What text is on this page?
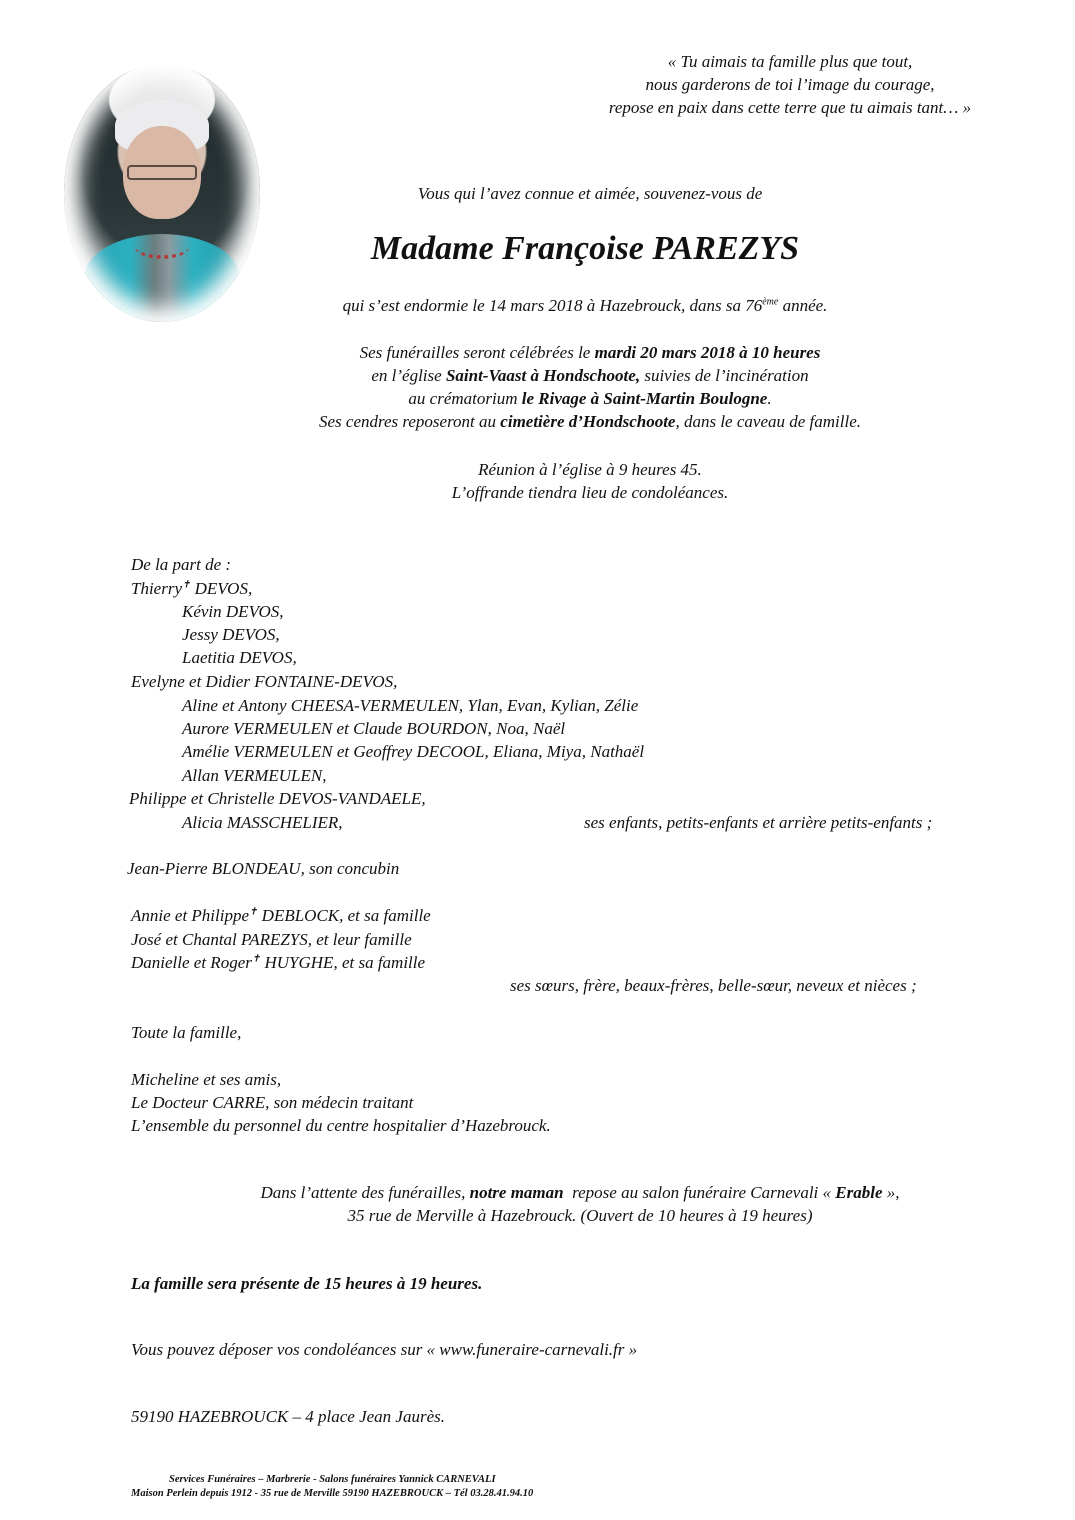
« Tu aimais ta famille plus que tout,
nous garderons de toi l’image du courage,
repose en paix dans cette terre que tu aimais tant… »
Vous qui l’avez connue et aimée, souvenez-vous de
Madame Françoise PAREZYS
qui s’est endormie le 14 mars 2018 à Hazebrouck, dans sa 76ème année.
Ses funérailles seront célébrées le mardi 20 mars 2018 à 10 heures
en l’église Saint-Vaast à Hondschoote, suivies de l’incinération
au crématorium le Rivage à Saint-Martin Boulogne.
Ses cendres reposeront au cimetière d’Hondschoote, dans le caveau de famille.
Réunion à l’église à 9 heures 45.
L’offrande tiendra lieu de condoléances.
De la part de :
Thierry✝ DEVOS,
Kévin DEVOS,
Jessy DEVOS,
Laetitia DEVOS,
Evelyne et Didier FONTAINE-DEVOS,
Aline et Antony CHEESA-VERMEULEN, Ylan, Evan, Kylian, Zélie
Aurore VERMEULEN et Claude BOURDON, Noa, Naël
Amélie VERMEULEN et Geoffrey DECOOL, Eliana, Miya, Nathaël
Allan VERMEULEN,
Philippe et Christelle DEVOS-VANDAELE,
Alicia MASSCHELIER,	ses enfants, petits-enfants et arrière petits-enfants ;
Jean-Pierre BLONDEAU, son concubin
Annie et Philippe✝ DEBLOCK, et sa famille
José et Chantal PAREZYS, et leur famille
Danielle et Roger✝ HUYGHE, et sa famille
ses sœurs, frère, beaux-frères, belle-sœur, neveux et nièces ;
Toute la famille,
Micheline et ses amis,
Le Docteur CARRE, son médecin traitant
L’ensemble du personnel du centre hospitalier d’Hazebrouck.
Dans l’attente des funérailles, notre maman  repose au salon funéraire Carnevali « Erable »,
35 rue de Merville à Hazebrouck. (Ouvert de 10 heures à 19 heures)
La famille sera présente de 15 heures à 19 heures.
Vous pouvez déposer vos condoléances sur « www.funeraire-carnevali.fr »
59190 HAZEBROUCK – 4 place Jean Jaurès.
Services Funéraires – Marbrerie - Salons funéraires Yannick CARNEVALI
Maison Perlein depuis 1912 - 35 rue de Merville 59190 HAZEBROUCK – Tél 03.28.41.94.10
